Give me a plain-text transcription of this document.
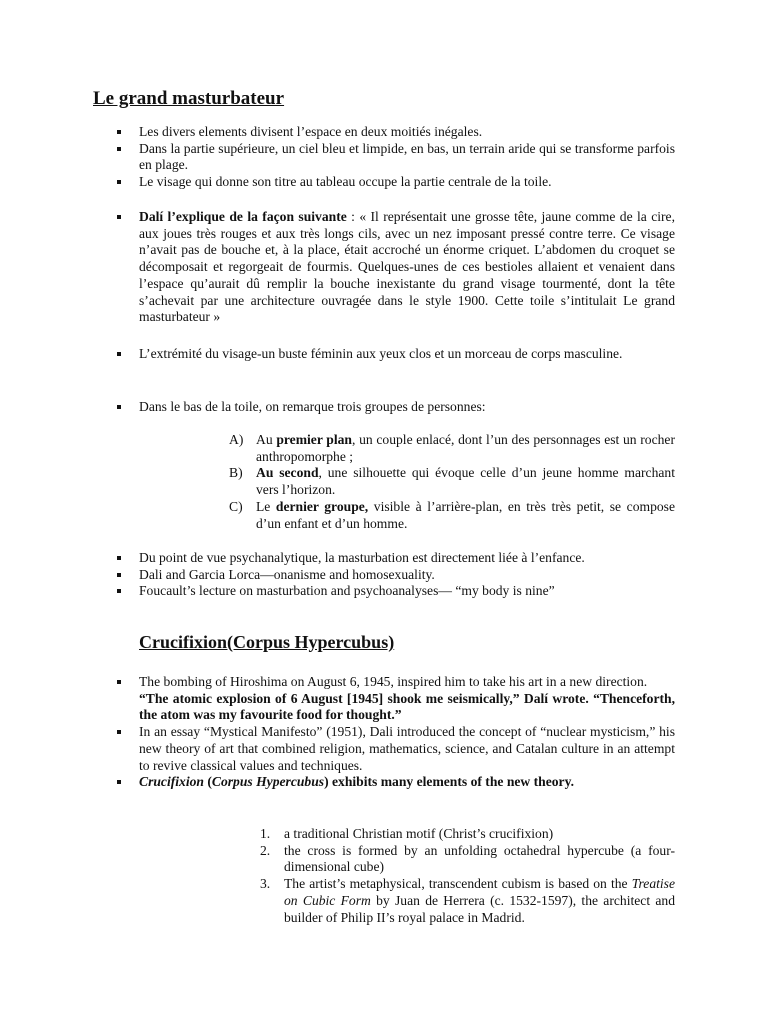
Le grand masturbateur
Les divers elements divisent l’espace en deux moitiés inégales.
Dans la partie supérieure, un ciel bleu et limpide, en bas, un terrain aride qui se transforme parfois en plage.
Le visage qui donne son titre au tableau occupe la partie centrale de la toile.
Dalí l’explique de la façon suivante : « Il représentait une grosse tête, jaune comme de la cire, aux joues très rouges et aux très longs cils, avec un nez imposant pressé contre terre. Ce visage n’avait pas de bouche et, à la place, était accroché un énorme criquet. L’abdomen du croquet se décomposait et regorgeait de fourmis. Quelques-unes de ces bestioles allaient et venaient dans l’espace qu’aurait dû remplir la bouche inexistante du grand visage tourmenté, dont la tête s’achevait par une architecture ouvragée dans le style 1900. Cette toile s’intitulait Le grand masturbateur »
L’extrémité du visage-un buste féminin aux yeux clos et un morceau de corps masculine.
Dans le bas de la toile, on remarque trois groupes de personnes:
A) Au premier plan, un couple enlacé, dont l’un des personnages est un rocher anthropomorphe ;
B) Au second, une silhouette qui évoque celle d’un jeune homme marchant vers l’horizon.
C) Le dernier groupe, visible à l’arrière-plan, en très très petit, se compose d’un enfant et d’un homme.
Du point de vue psychanalytique, la masturbation est directement liée à l’enfance.
Dali and Garcia Lorca—onanisme and homosexuality.
Foucault’s lecture on masturbation and psychoanalyses— “my body is nine”
Crucifixion(Corpus Hypercubus)
The bombing of Hiroshima on August 6, 1945, inspired him to take his art in a new direction.
“The atomic explosion of 6 August [1945] shook me seismically,” Dalí wrote. “Thenceforth, the atom was my favourite food for thought.”
In an essay “Mystical Manifesto” (1951), Dali introduced the concept of “nuclear mysticism,” his new theory of art that combined religion, mathematics, science, and Catalan culture in an attempt to revive classical values and techniques.
Crucifixion (Corpus Hypercubus) exhibits many elements of the new theory.
1. a traditional Christian motif (Christ’s crucifixion)
2. the cross is formed by an unfolding octahedral hypercube (a four-dimensional cube)
3. The artist’s metaphysical, transcendent cubism is based on the Treatise on Cubic Form by Juan de Herrera (c. 1532-1597), the architect and builder of Philip II’s royal palace in Madrid.
